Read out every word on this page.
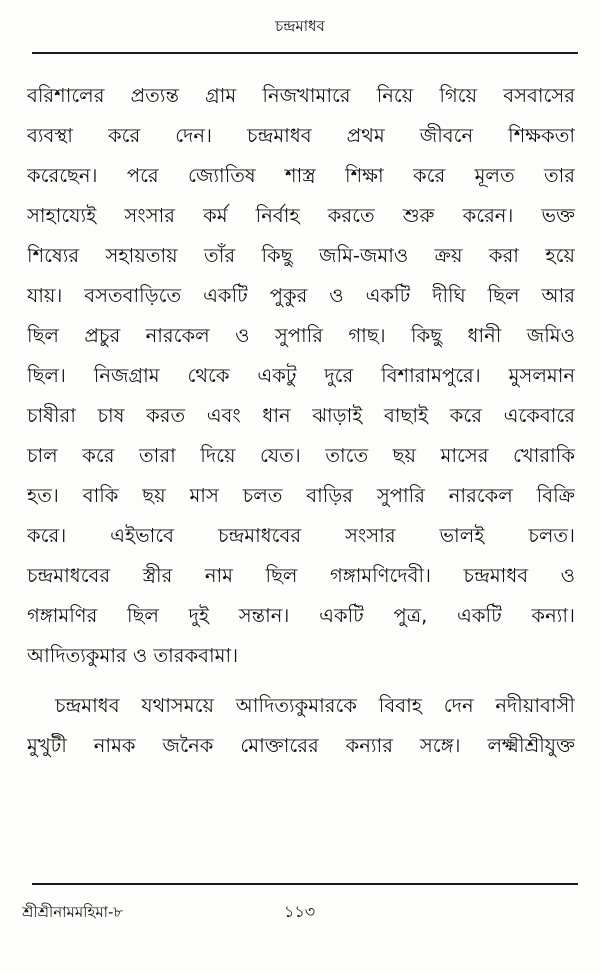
চন্দ্রমাধব
বরিশালের প্রত্যন্ত গ্রাম নিজখামারে নিয়ে গিয়ে বসবাসের
ব্যবস্থা করে দেন। চন্দ্রমাধব প্রথম জীবনে শিক্ষকতা
করেছেন। পরে জ্যোতিষ শাস্ত্র শিক্ষা করে মূলত তার
সাহায্যেই সংসার কর্ম নির্বাহ করতে শুরু করেন। ভক্ত
শিষ্যের সহায়তায় তাঁর কিছু জমি-জমাও ক্রয় করা হয়ে
যায়। বসতবাড়িতে একটি পুকুর ও একটি দীঘি ছিল আর
ছিল প্রচুর নারকেল ও সুপারি গাছ। কিছু ধানী জমিও
ছিল। নিজগ্রাম থেকে একটু দুরে বিশারামপুরে। মুসলমান
চাষীরা চাষ করত এবং ধান ঝাড়াই বাছাই করে একেবারে
চাল করে তারা দিয়ে যেত। তাতে ছয় মাসের খোরাকি
হত। বাকি ছয় মাস চলত বাড়ির সুপারি নারকেল বিক্রি
করে। এইভাবে চন্দ্রমাধবের সংসার ভালই চলত।
চন্দ্রমাধবের স্ত্রীর নাম ছিল গঙ্গামণিদেবী। চন্দ্রমাধব ও
গঙ্গামণির ছিল দুই সন্তান। একটি পুত্র, একটি কন্যা।
আদিত্যকুমার ও তারকবামা।
চন্দ্রমাধব যথাসময়ে আদিত্যকুমারকে বিবাহ দেন নদীয়াবাসী
মুখুটী নামক জনৈক মোক্তারের কন্যার সঙ্গে। লক্ষ্মীশ্রীযুক্ত
শ্রীশ্রীনামমহিমা-৮	১১৩
